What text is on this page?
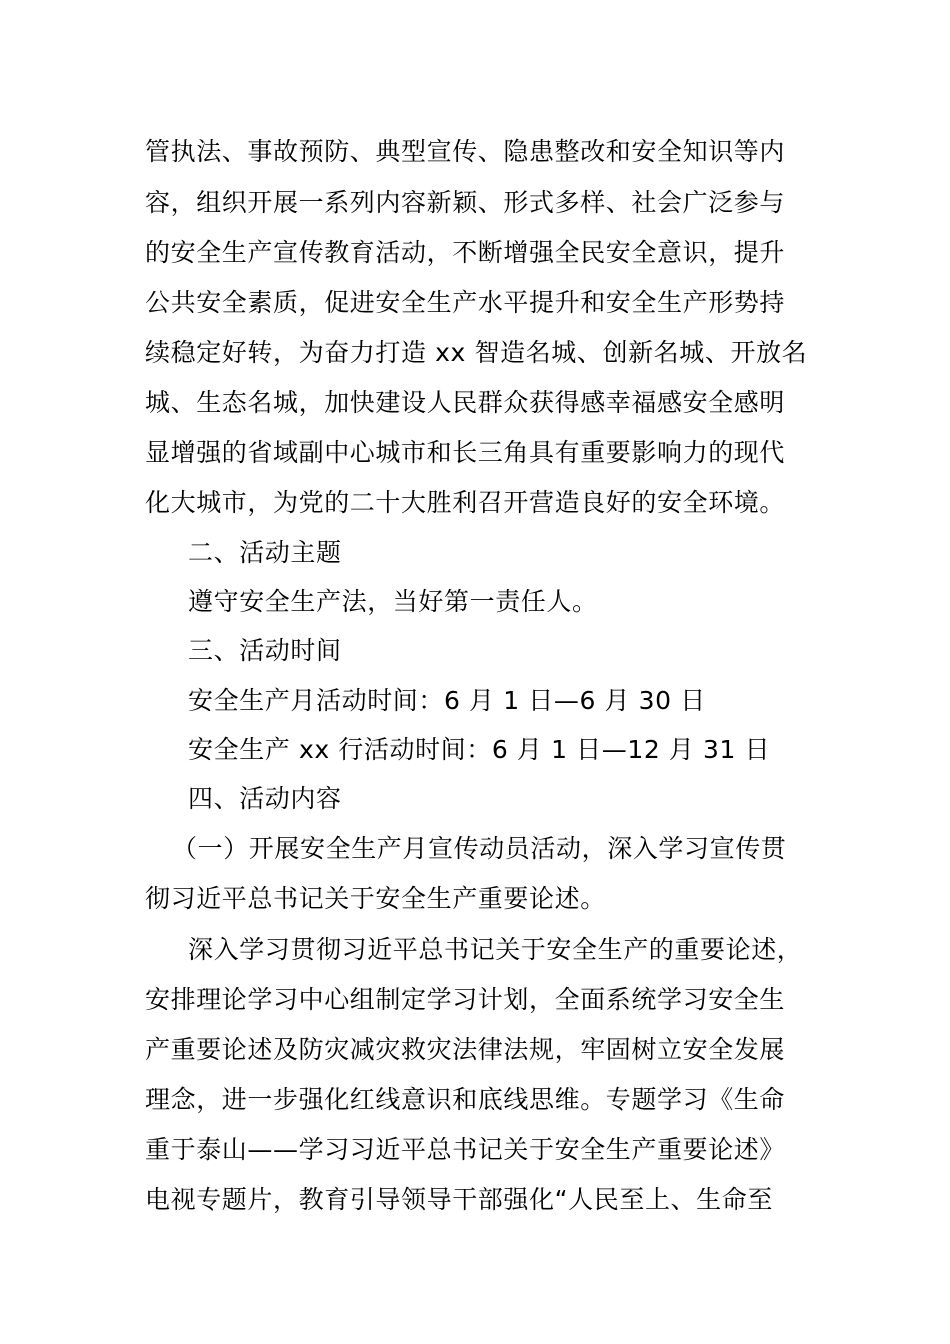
管执法、事故预防、典型宣传、隐患整改和安全知识等内
容，组织开展一系列内容新颖、形式多样、社会广泛参与
的安全生产宣传教育活动，不断增强全民安全意识，提升
公共安全素质，促进安全生产水平提升和安全生产形势持
续稳定好转，为奋力打造 xx 智造名城、创新名城、开放名
城、生态名城，加快建设人民群众获得感幸福感安全感明
显增强的省域副中心城市和长三角具有重要影响力的现代
化大城市，为党的二十大胜利召开营造良好的安全环境。
二、活动主题
遵守安全生产法，当好第一责任人。
三、活动时间
安全生产月活动时间：6 月 1 日—6 月 30 日
安全生产 xx 行活动时间：6 月 1 日—12 月 31 日
四、活动内容
（一）开展安全生产月宣传动员活动，深入学习宣传贯
彻习近平总书记关于安全生产重要论述。
深入学习贯彻习近平总书记关于安全生产的重要论述，
安排理论学习中心组制定学习计划，全面系统学习安全生
产重要论述及防灾减灾救灾法律法规，牢固树立安全发展
理念，进一步强化红线意识和底线思维。专题学习《生命
重于泰山——学习习近平总书记关于安全生产重要论述》
电视专题片，教育引导领导干部强化“人民至上、生命至
